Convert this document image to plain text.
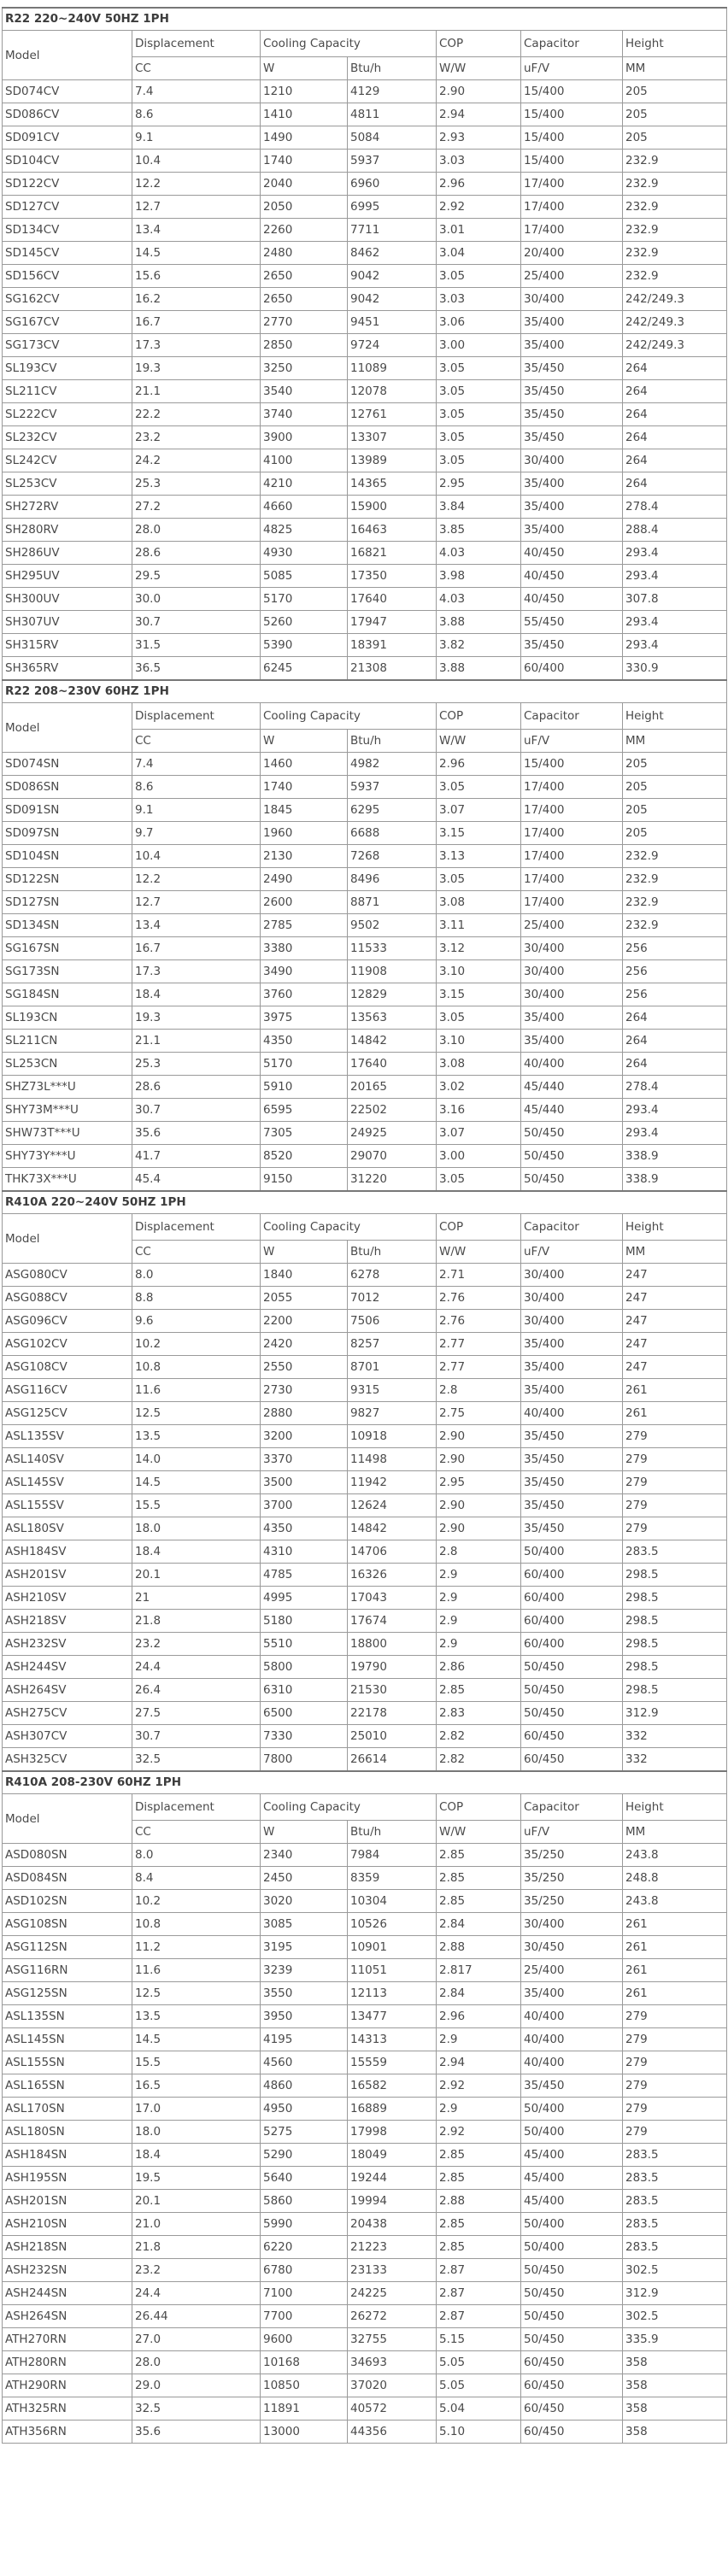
R22 220~240V 50HZ 1PH						
Model	Displacement	Cooling Capacity		COP	Capacitor	Height
	CC	W	Btu/h	W/W	uF/V	MM
SD074CV	7.4	1210	4129	2.90	15/400	205
SD086CV	8.6	1410	4811	2.94	15/400	205
SD091CV	9.1	1490	5084	2.93	15/400	205
SD104CV	10.4	1740	5937	3.03	15/400	232.9
SD122CV	12.2	2040	6960	2.96	17/400	232.9
SD127CV	12.7	2050	6995	2.92	17/400	232.9
SD134CV	13.4	2260	7711	3.01	17/400	232.9
SD145CV	14.5	2480	8462	3.04	20/400	232.9
SD156CV	15.6	2650	9042	3.05	25/400	232.9
SG162CV	16.2	2650	9042	3.03	30/400	242/249.3
SG167CV	16.7	2770	9451	3.06	35/400	242/249.3
SG173CV	17.3	2850	9724	3.00	35/400	242/249.3
SL193CV	19.3	3250	11089	3.05	35/450	264
SL211CV	21.1	3540	12078	3.05	35/450	264
SL222CV	22.2	3740	12761	3.05	35/450	264
SL232CV	23.2	3900	13307	3.05	35/450	264
SL242CV	24.2	4100	13989	3.05	30/400	264
SL253CV	25.3	4210	14365	2.95	35/400	264
SH272RV	27.2	4660	15900	3.84	35/400	278.4
SH280RV	28.0	4825	16463	3.85	35/400	288.4
SH286UV	28.6	4930	16821	4.03	40/450	293.4
SH295UV	29.5	5085	17350	3.98	40/450	293.4
SH300UV	30.0	5170	17640	4.03	40/450	307.8
SH307UV	30.7	5260	17947	3.88	55/450	293.4
SH315RV	31.5	5390	18391	3.82	35/450	293.4
SH365RV	36.5	6245	21308	3.88	60/400	330.9
R22 208~230V 60HZ 1PH						
Model	Displacement	Cooling Capacity		COP	Capacitor	Height
	CC	W	Btu/h	W/W	uF/V	MM
SD074SN	7.4	1460	4982	2.96	15/400	205
SD086SN	8.6	1740	5937	3.05	17/400	205
SD091SN	9.1	1845	6295	3.07	17/400	205
SD097SN	9.7	1960	6688	3.15	17/400	205
SD104SN	10.4	2130	7268	3.13	17/400	232.9
SD122SN	12.2	2490	8496	3.05	17/400	232.9
SD127SN	12.7	2600	8871	3.08	17/400	232.9
SD134SN	13.4	2785	9502	3.11	25/400	232.9
SG167SN	16.7	3380	11533	3.12	30/400	256
SG173SN	17.3	3490	11908	3.10	30/400	256
SG184SN	18.4	3760	12829	3.15	30/400	256
SL193CN	19.3	3975	13563	3.05	35/400	264
SL211CN	21.1	4350	14842	3.10	35/400	264
SL253CN	25.3	5170	17640	3.08	40/400	264
SHZ73L***U	28.6	5910	20165	3.02	45/440	278.4
SHY73M***U	30.7	6595	22502	3.16	45/440	293.4
SHW73T***U	35.6	7305	24925	3.07	50/450	293.4
SHY73Y***U	41.7	8520	29070	3.00	50/450	338.9
THK73X***U	45.4	9150	31220	3.05	50/450	338.9
R410A 220~240V 50HZ 1PH						
Model	Displacement	Cooling Capacity		COP	Capacitor	Height
	CC	W	Btu/h	W/W	uF/V	MM
ASG080CV	8.0	1840	6278	2.71	30/400	247
ASG088CV	8.8	2055	7012	2.76	30/400	247
ASG096CV	9.6	2200	7506	2.76	30/400	247
ASG102CV	10.2	2420	8257	2.77	35/400	247
ASG108CV	10.8	2550	8701	2.77	35/400	247
ASG116CV	11.6	2730	9315	2.8	35/400	261
ASG125CV	12.5	2880	9827	2.75	40/400	261
ASL135SV	13.5	3200	10918	2.90	35/450	279
ASL140SV	14.0	3370	11498	2.90	35/450	279
ASL145SV	14.5	3500	11942	2.95	35/450	279
ASL155SV	15.5	3700	12624	2.90	35/450	279
ASL180SV	18.0	4350	14842	2.90	35/450	279
ASH184SV	18.4	4310	14706	2.8	50/400	283.5
ASH201SV	20.1	4785	16326	2.9	60/400	298.5
ASH210SV	21	4995	17043	2.9	60/400	298.5
ASH218SV	21.8	5180	17674	2.9	60/400	298.5
ASH232SV	23.2	5510	18800	2.9	60/400	298.5
ASH244SV	24.4	5800	19790	2.86	50/450	298.5
ASH264SV	26.4	6310	21530	2.85	50/450	298.5
ASH275CV	27.5	6500	22178	2.83	50/450	312.9
ASH307CV	30.7	7330	25010	2.82	60/450	332
ASH325CV	32.5	7800	26614	2.82	60/450	332
R410A 208-230V 60HZ 1PH						
Model	Displacement	Cooling Capacity		COP	Capacitor	Height
	CC	W	Btu/h	W/W	uF/V	MM
ASD080SN	8.0	2340	7984	2.85	35/250	243.8
ASD084SN	8.4	2450	8359	2.85	35/250	248.8
ASD102SN	10.2	3020	10304	2.85	35/250	243.8
ASG108SN	10.8	3085	10526	2.84	30/400	261
ASG112SN	11.2	3195	10901	2.88	30/450	261
ASG116RN	11.6	3239	11051	2.817	25/400	261
ASG125SN	12.5	3550	12113	2.84	35/400	261
ASL135SN	13.5	3950	13477	2.96	40/400	279
ASL145SN	14.5	4195	14313	2.9	40/400	279
ASL155SN	15.5	4560	15559	2.94	40/400	279
ASL165SN	16.5	4860	16582	2.92	35/450	279
ASL170SN	17.0	4950	16889	2.9	50/400	279
ASL180SN	18.0	5275	17998	2.92	50/400	279
ASH184SN	18.4	5290	18049	2.85	45/400	283.5
ASH195SN	19.5	5640	19244	2.85	45/400	283.5
ASH201SN	20.1	5860	19994	2.88	45/400	283.5
ASH210SN	21.0	5990	20438	2.85	50/400	283.5
ASH218SN	21.8	6220	21223	2.85	50/400	283.5
ASH232SN	23.2	6780	23133	2.87	50/450	302.5
ASH244SN	24.4	7100	24225	2.87	50/450	312.9
ASH264SN	26.44	7700	26272	2.87	50/450	302.5
ATH270RN	27.0	9600	32755	5.15	50/450	335.9
ATH280RN	28.0	10168	34693	5.05	60/450	358
ATH290RN	29.0	10850	37020	5.05	60/450	358
ATH325RN	32.5	11891	40572	5.04	60/450	358
ATH356RN	35.6	13000	44356	5.10	60/450	358
